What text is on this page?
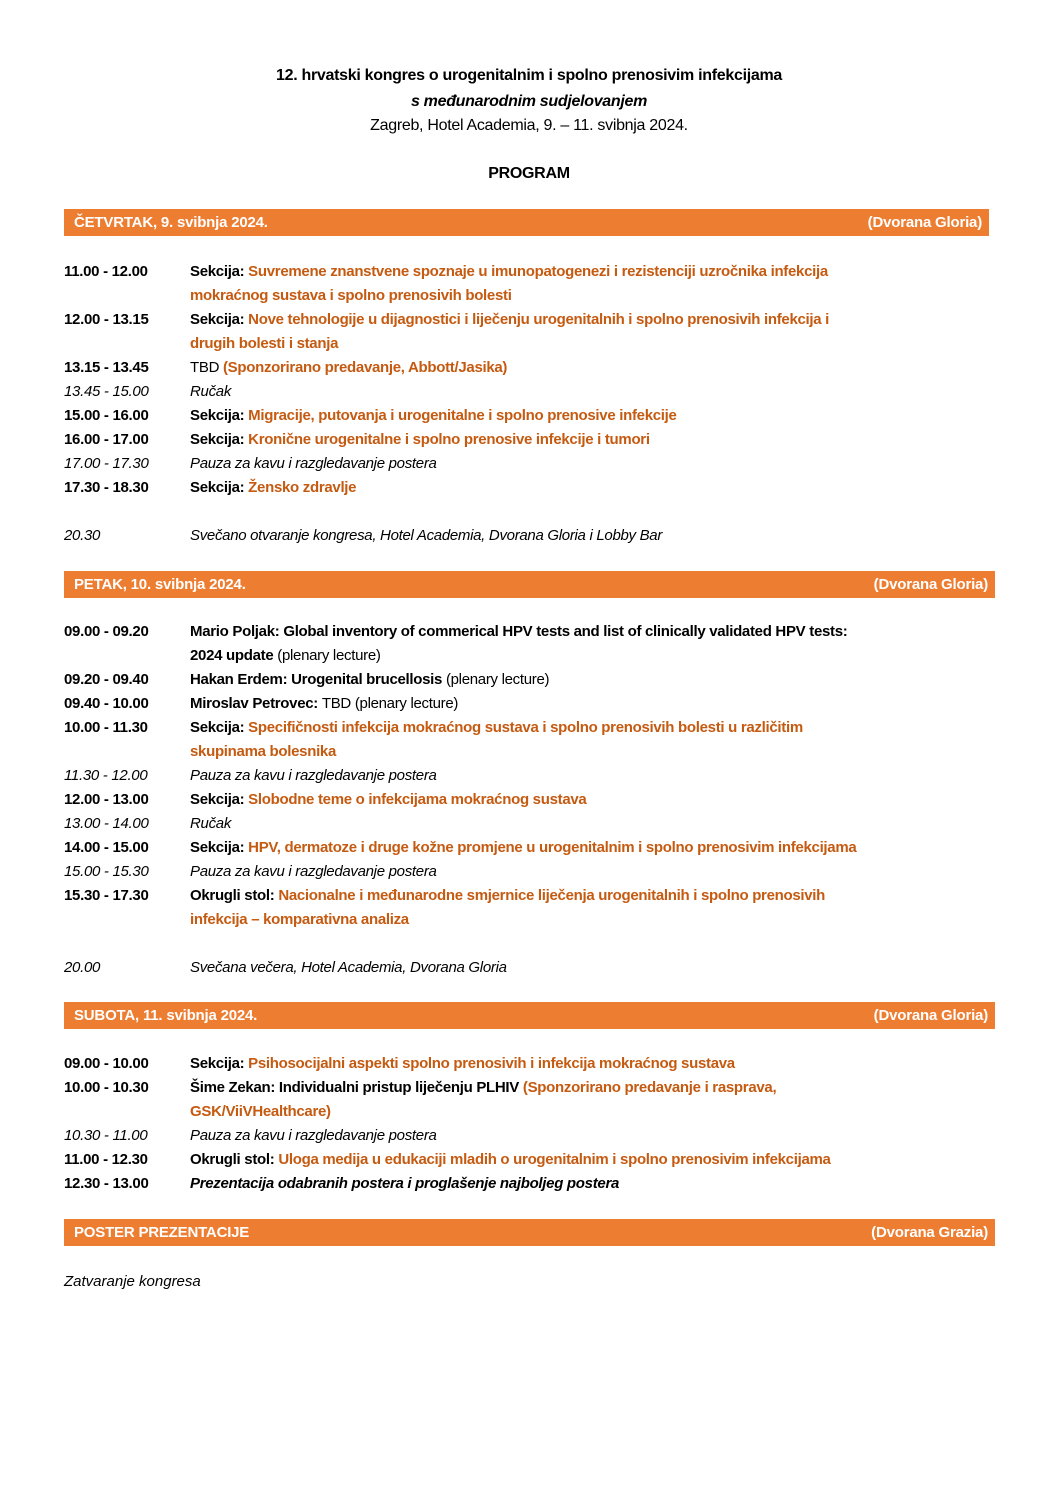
12. hrvatski kongres o urogenitalnim i spolno prenosivim infekcijama
s međunarodnim sudjelovanjem
Zagreb, Hotel Academia, 9. – 11. svibnja 2024.
PROGRAM
ČETVRTAK, 9. svibnja 2024.	(Dvorana Gloria)
11.00 - 12.00	Sekcija: Suvremene znanstvene spoznaje u imunopatogenezi i rezistenciji uzročnika infekcija
mokraćnog sustava i spolno prenosivih bolesti
12.00 - 13.15	Sekcija: Nove tehnologije u dijagnostici i liječenju urogenitalnih i spolno prenosivih infekcija i
drugih bolesti i stanja
13.15 - 13.45	TBD (Sponzorirano predavanje, Abbott/Jasika)
13.45 - 15.00	Ručak
15.00 - 16.00	Sekcija: Migracije, putovanja i urogenitalne i spolno prenosive infekcije
16.00 - 17.00	Sekcija: Kronične urogenitalne i spolno prenosive infekcije i tumori
17.00 - 17.30	Pauza za kavu i razgledavanje postera
17.30 - 18.30	Sekcija: Žensko zdravlje
20.30	Svečano otvaranje kongresa, Hotel Academia, Dvorana Gloria i Lobby Bar
PETAK, 10. svibnja 2024.	(Dvorana Gloria)
09.00 - 09.20	Mario Poljak: Global inventory of commerical HPV tests and list of clinically validated HPV tests:
2024 update (plenary lecture)
09.20 - 09.40	Hakan Erdem: Urogenital brucellosis (plenary lecture)
09.40 - 10.00	Miroslav Petrovec: TBD (plenary lecture)
10.00 - 11.30	Sekcija: Specifičnosti infekcija mokraćnog sustava i spolno prenosivih bolesti u različitim
skupinama bolesnika
11.30 - 12.00	Pauza za kavu i razgledavanje postera
12.00 - 13.00	Sekcija: Slobodne teme o infekcijama mokraćnog sustava
13.00 - 14.00	Ručak
14.00 - 15.00	Sekcija: HPV, dermatoze i druge kožne promjene u urogenitalnim i spolno prenosivim infekcijama
15.00 - 15.30	Pauza za kavu i razgledavanje postera
15.30 - 17.30	Okrugli stol: Nacionalne i međunarodne smjernice liječenja urogenitalnih i spolno prenosivih
infekcija – komparativna analiza
20.00	Svečana večera, Hotel Academia, Dvorana Gloria
SUBOTA, 11. svibnja 2024.	(Dvorana Gloria)
09.00 - 10.00	Sekcija: Psihosocijalni aspekti spolno prenosivih i infekcija mokraćnog sustava
10.00 - 10.30	Šime Zekan: Individualni pristup liječenju PLHIV (Sponzorirano predavanje i rasprava,
GSK/ViiVHealthcare)
10.30 - 11.00	Pauza za kavu i razgledavanje postera
11.00 - 12.30	Okrugli stol: Uloga medija u edukaciji mladih o urogenitalnim i spolno prenosivim infekcijama
12.30 - 13.00	Prezentacija odabranih postera i proglašenje najboljeg postera
POSTER PREZENTACIJE	(Dvorana Grazia)
Zatvaranje kongresa
